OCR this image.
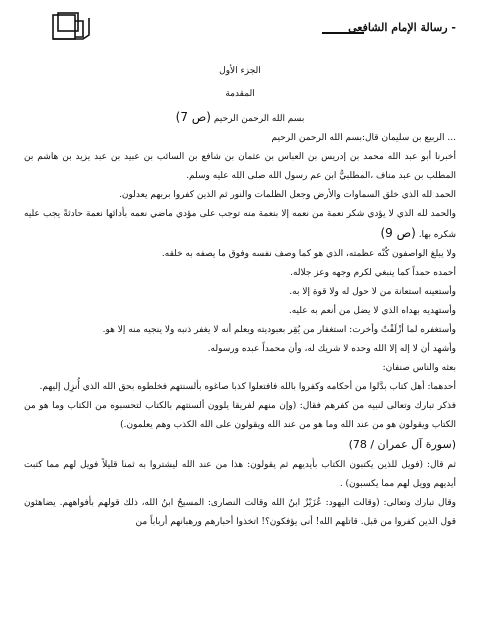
- رسالة الإمام الشافعي

الجزء الأول

المقدمة

بسم الله الرحمن الرحيم (ص 7)

... الربيع بن سليمان قال:بسم الله الرحمن الرحيم

أخبرنا أبو عبد الله محمد بن إدريس بن العباس بن عثمان بن شافع بن السائب بن عبيد بن عبد يزيد بن هاشم بن المطلب بن عبد مناف ،المطلبيُّ ابن عم رسول الله صلى الله عليه وسلم.

الحمد لله الذي خلق السماوات والأرض وجعل الظلمات والنور ثم الذين كفروا بربهم يعدلون.

والحمد لله الذي لا يؤدي شكر نعمة من نعمه إلا بنعمة منه توجب على مؤدي ماضي نعمه بأدائها نعمة حادثةً يجب عليه شكره بها. (ص 9)

ولا يبلغ الواصفون كُنْه عظمته، الذي هو كما وصف نفسه وفوق ما يصفه به خلقه.

أحمده حمداً كما ينبغي لكرم وجهه وعز جلاله.

وأستعينه استعانة من لا حول له ولا قوة إلا به.

وأستهديه بهداه الذي لا يضل من أنعم به عليه.

وأستغفره لما أزْلَفْتُ وأخرت: استغفار من يُقِر بعبوديته ويعلم أنه لا يغفر ذنبه ولا ينجيه منه إلا هو.

وأشهد أن لا إله إلا الله وحده لا شريك له، وأن محمداً عبده ورسوله.

بعثه والناس صنفان:

أحدهما: أهل كتاب بدَّلوا من أحكامه وكفروا بالله فافتعلوا كذبا صاغوه بألسنتهم فخلطوه بحق الله الذي أُنزِل إليهم.

فذكر تبارك وتعالى لنبيه من كفرهم فقال: (وإن منهم لفريقا يلوون ألسنتهم بالكتاب لتحسبوه من الكتاب وما هو من الكتاب ويقولون هو من عند الله وما هو من عند الله ويقولون على الله الكذب وهم يعلمون.)

(سورة آل عمران / 78)

ثم قال: (فويل للذين يكتبون الكتاب بأيديهم ثم يقولون: هذا من عند الله ليشتروا به ثمنا قليلاً فويل لهم مما كتبت أيديهم وويل لهم مما يكسبون) .

وقال تبارك وتعالى: (وقالت اليهود: عُزَيْزٌ ابنُ الله وقالت النصارى: المسيحُ ابنُ الله، ذلك قولهم بأفواههم. يضاهئون قول الذين كفروا من قبل. قاتلهم الله! أنى يؤفكون؟! اتخذوا أحبارهم ورهبانهم أرباباً من
